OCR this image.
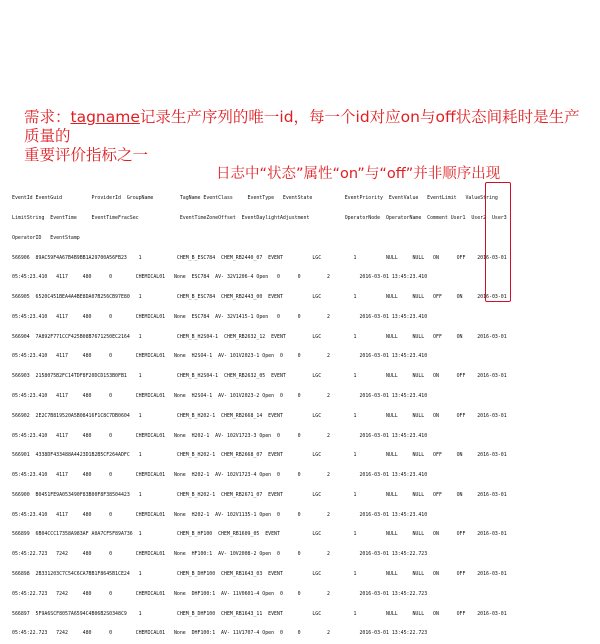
需求：tagname记录生产序列的唯一id，每一个id对应on与off状态间耗时是生产质量的
重要评价指标之一
日志中“状态”属性“on”与“off”并非顺序出现

EventId EventGuid          ProviderId  GroupName         TagName EventClass     EventType   EventState           EventPriority  EventValue   EventLimit   ValueString

LimitString  EventTime     EventTimeFracSec              EventTimeZoneOffset  EventDaylightAdjustment            OperatorNode  OperatorName  Comment User1  User2  User3

OperatorID   EventStamp

566906  89AC59F4A67B4B9BB1A29700A56FB23    1            CHEM_B_ESC784  CHEM_RB2440_07  EVENT          LGC           1          NULL     NULL   ON      OFF    2016-03-01

05:45:23.410   4117     480      0        CHEMICAL01   None  ESC784  AV- 32V1206-4 Open   0      0         2          2016-03-01 13:45:23.410

566905  6520C451BEA4A4BE8DA07B256CB97E80   1            CHEM_B_ESC784  CHEM_RB2443_00  EVENT          LGC           1          NULL     NULL   OFF     ON     2016-03-01

05:45:23.410   4117     480      0        CHEMICAL01   None  ESC784  AV- 32V1415-1 Open   0      0         2          2016-03-01 13:45:23.410

566904  7A892F771CCF425B08B7671250EC2164   1            CHEM_B_H2S04-1  CHEM_RB2632_12  EVENT         LGC           1          NULL     NULL   OFF     ON     2016-03-01

05:45:23.410   4117     480      0        CHEMICAL01   None  H2SO4-1  AV- 101V2023-1 Open  0     0         2          2016-03-01 13:45:23.410

566903  2158075B2FC14TDF8F20DCD153B0FB1    1            CHEM_B_H2S04-1  CHEM_RB2632_05  EVENT         LGC           1          NULL     NULL   ON      OFF    2016-03-01

05:45:23.410   4117     480      0        CHEMICAL01   None  H2SO4-1  AV- 101V2023-2 Open  0     0         2          2016-03-01 13:45:23.410

566902  2E2C7B819520A5B08416F1C8C7DB0604   1            CHEM_B_H202-1  CHEM_RB2668_14  EVENT          LGC           1          NULL     NULL   ON      OFF    2016-03-01

05:45:23.410   4117     480      0        CHEMICAL01   None  H202-1  AV- 102V1723-3 Open  0      0         2          2016-03-01 13:45:23.410

566901  4338DF433488A4423D1B2B5CF264ADFC   1            CHEM_B_H202-1  CHEM_RB2668_07  EVENT          LGC           1          NULL     NULL   OFF     ON     2016-03-01

05:45:23.410   4117     480      0        CHEMICAL01   None  H202-1  AV- 102V1723-4 Open  0      0         2          2016-03-01 13:45:23.410

566900  B0451FE9A053490F83B00F8F38504423   1            CHEM_B_H202-1  CHEM_RB2671_07  EVENT          LGC           1          NULL     NULL   OFF     ON     2016-03-01

05:45:23.410   4117     480      0        CHEMICAL01   None  H202-1  AV- 102V1135-1 Open  0      0         2          2016-03-01 13:45:23.410

566899  6B04CCC17358A983AF A0A7CF5F89A736  1            CHEM_B_HF100  CHEM_RB1609_05  EVENT           LGC           1          NULL     NULL   ON      OFF    2016-03-01

05:45:22.723   7242     480      0        CHEMICAL01   None  HF100:1  AV- 10V2008-2 Open  0      0         2          2016-03-01 13:45:22.723

566898  2B331203C7C54C6CA7BB1F8645B1CE24   1            CHEM_B_DHF100  CHEM_RB1643_03  EVENT          LGC           1          NULL     NULL   ON      OFF    2016-03-01

05:45:22.723   7242     480      0        CHEMICAL01   None  DHF100:1  AV- 11V0601-4 Open  0     0         2          2016-03-01 13:45:22.723

566897  5F9A6SCF8057A6594C4B06B2S0348C9    1            CHEM_B_DHF100  CHEM_RB1643_11  EVENT          LGC           1          NULL     NULL   ON      OFF    2016-03-01

05:45:22.723   7242     480      0        CHEMICAL01   None  DHF100:1  AV- 11V1707-4 Open  0     0         2          2016-03-01 13:45:22.723
